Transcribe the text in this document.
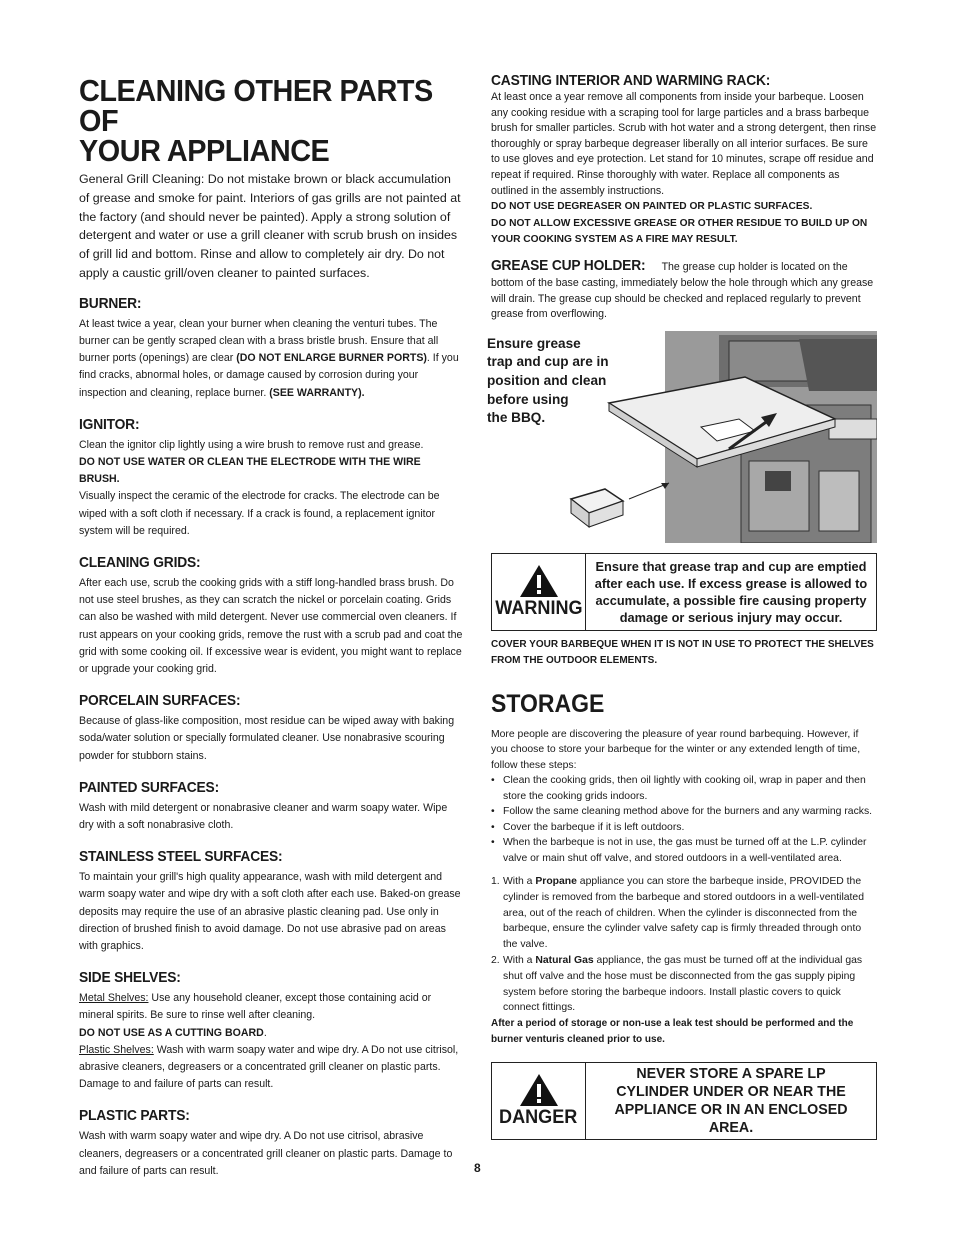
CLEANING OTHER PARTS OF
YOUR APPLIANCE

General Grill Cleaning: Do not mistake brown or black accumulation of grease and smoke for paint. Interiors of gas grills are not painted at the factory (and should never be painted). Apply a strong solution of detergent and water or use a grill cleaner with scrub brush on insides of grill lid and bottom. Rinse and allow to completely air dry. Do not apply a caustic grill/oven cleaner to painted surfaces.

BURNER:

At least twice a year, clean your burner when cleaning the venturi tubes. The burner can be gently scraped clean with a brass bristle brush. Ensure that all burner ports (openings) are clear (DO NOT ENLARGE BURNER PORTS). If you find cracks, abnormal holes, or damage caused by corrosion during your inspection and cleaning, replace burner. (SEE WARRANTY).

IGNITOR:

Clean the ignitor clip lightly using a wire brush to remove rust and grease.
DO NOT USE WATER OR CLEAN THE ELECTRODE WITH THE WIRE BRUSH.
Visually inspect the ceramic of the electrode for cracks. The electrode can be wiped with a soft cloth if necessary. If a crack is found, a replacement ignitor system will be required.

CLEANING GRIDS:

After each use, scrub the cooking grids with a stiff long-handled brass brush. Do not use steel brushes, as they can scratch the nickel or porcelain coating. Grids can also be washed with mild detergent. Never use commercial oven cleaners. If rust appears on your cooking grids, remove the rust with a scrub pad and coat the grid with some cooking oil. If excessive wear is evident, you might want to replace or upgrade your cooking grid.

PORCELAIN SURFACES:

Because of glass-like composition, most residue can be wiped away with baking soda/water solution or specially formulated cleaner. Use nonabrasive scouring powder for stubborn stains.

PAINTED SURFACES:

Wash with mild detergent or nonabrasive cleaner and warm soapy water. Wipe dry with a soft nonabrasive cloth.

STAINLESS STEEL SURFACES:

To maintain your grill's high quality appearance, wash with mild detergent and warm soapy water and wipe dry with a soft cloth after each use. Baked-on grease deposits may require the use of an abrasive plastic cleaning pad. Use only in direction of brushed finish to avoid damage. Do not use abrasive pad on areas with graphics.

SIDE SHELVES:

Metal Shelves: Use any household cleaner, except those containing acid or mineral spirits. Be sure to rinse well after cleaning.
DO NOT USE AS A CUTTING BOARD.
Plastic Shelves: Wash with warm soapy water and wipe dry. A Do not use citrisol, abrasive cleaners, degreasers or a concentrated grill cleaner on plastic parts. Damage to and failure of parts can result.

PLASTIC PARTS:

Wash with warm soapy water and wipe dry. A Do not use citrisol, abrasive cleaners, degreasers or a concentrated grill cleaner on plastic parts. Damage to and failure of parts can result.

CASTING INTERIOR AND WARMING RACK:

At least once a year remove all components from inside your barbeque. Loosen any cooking residue with a scraping tool for large particles and a brass barbeque brush for smaller particles. Scrub with hot water and a strong detergent, then rinse thoroughly or spray barbeque degreaser liberally on all interior surfaces. Be sure to use gloves and eye protection. Let stand for 10 minutes, scrape off residue and repeat if required. Rinse thoroughly with water. Replace all components as outlined in the assembly instructions.

DO NOT USE DEGREASER ON PAINTED OR PLASTIC SURFACES.

DO NOT ALLOW EXCESSIVE GREASE OR OTHER RESIDUE TO BUILD UP ON YOUR COOKING SYSTEM AS A FIRE MAY RESULT.

GREASE CUP HOLDER: The grease cup holder is located on the bottom of the base casting, immediately below the hole through which any grease will drain. The grease cup should be checked and replaced regularly to prevent grease from overflowing.

Ensure grease
trap and cup are in
position and clean
before using
the BBQ.
WARNING
Ensure that grease trap and cup are emptied after each use. If excess grease is allowed to accumulate, a possible fire causing property damage or serious injury may occur.

COVER YOUR BARBEQUE WHEN IT IS NOT IN USE TO PROTECT THE SHELVES FROM THE OUTDOOR ELEMENTS.

STORAGE

More people are discovering the pleasure of year round barbequing. However, if you choose to store your barbeque for the winter or any extended length of time, follow these steps:

• Clean the cooking grids, then oil lightly with cooking oil, wrap in paper and then store the cooking grids indoors.
• Follow the same cleaning method above for the burners and any warming racks.
• Cover the barbeque if it is left outdoors.
• When the barbeque is not in use, the gas must be turned off at the L.P. cylinder valve or main shut off valve, and stored outdoors in a well-ventilated area.
1. With a Propane appliance you can store the barbeque inside, PROVIDED the cylinder is removed from the barbeque and stored outdoors in a well-ventilated area, out of the reach of children. When the cylinder is disconnected from the barbeque, ensure the cylinder valve safety cap is firmly threaded through onto the valve.
2. With a Natural Gas appliance, the gas must be turned off at the individual gas shut off valve and the hose must be disconnected from the gas supply piping system before storing the barbeque indoors. Install plastic covers to quick connect fittings.

After a period of storage or non-use a leak test should be performed and the burner venturis cleaned prior to use.

DANGER
NEVER STORE A SPARE LP CYLINDER UNDER OR NEAR THE APPLIANCE OR IN AN ENCLOSED AREA.
8
